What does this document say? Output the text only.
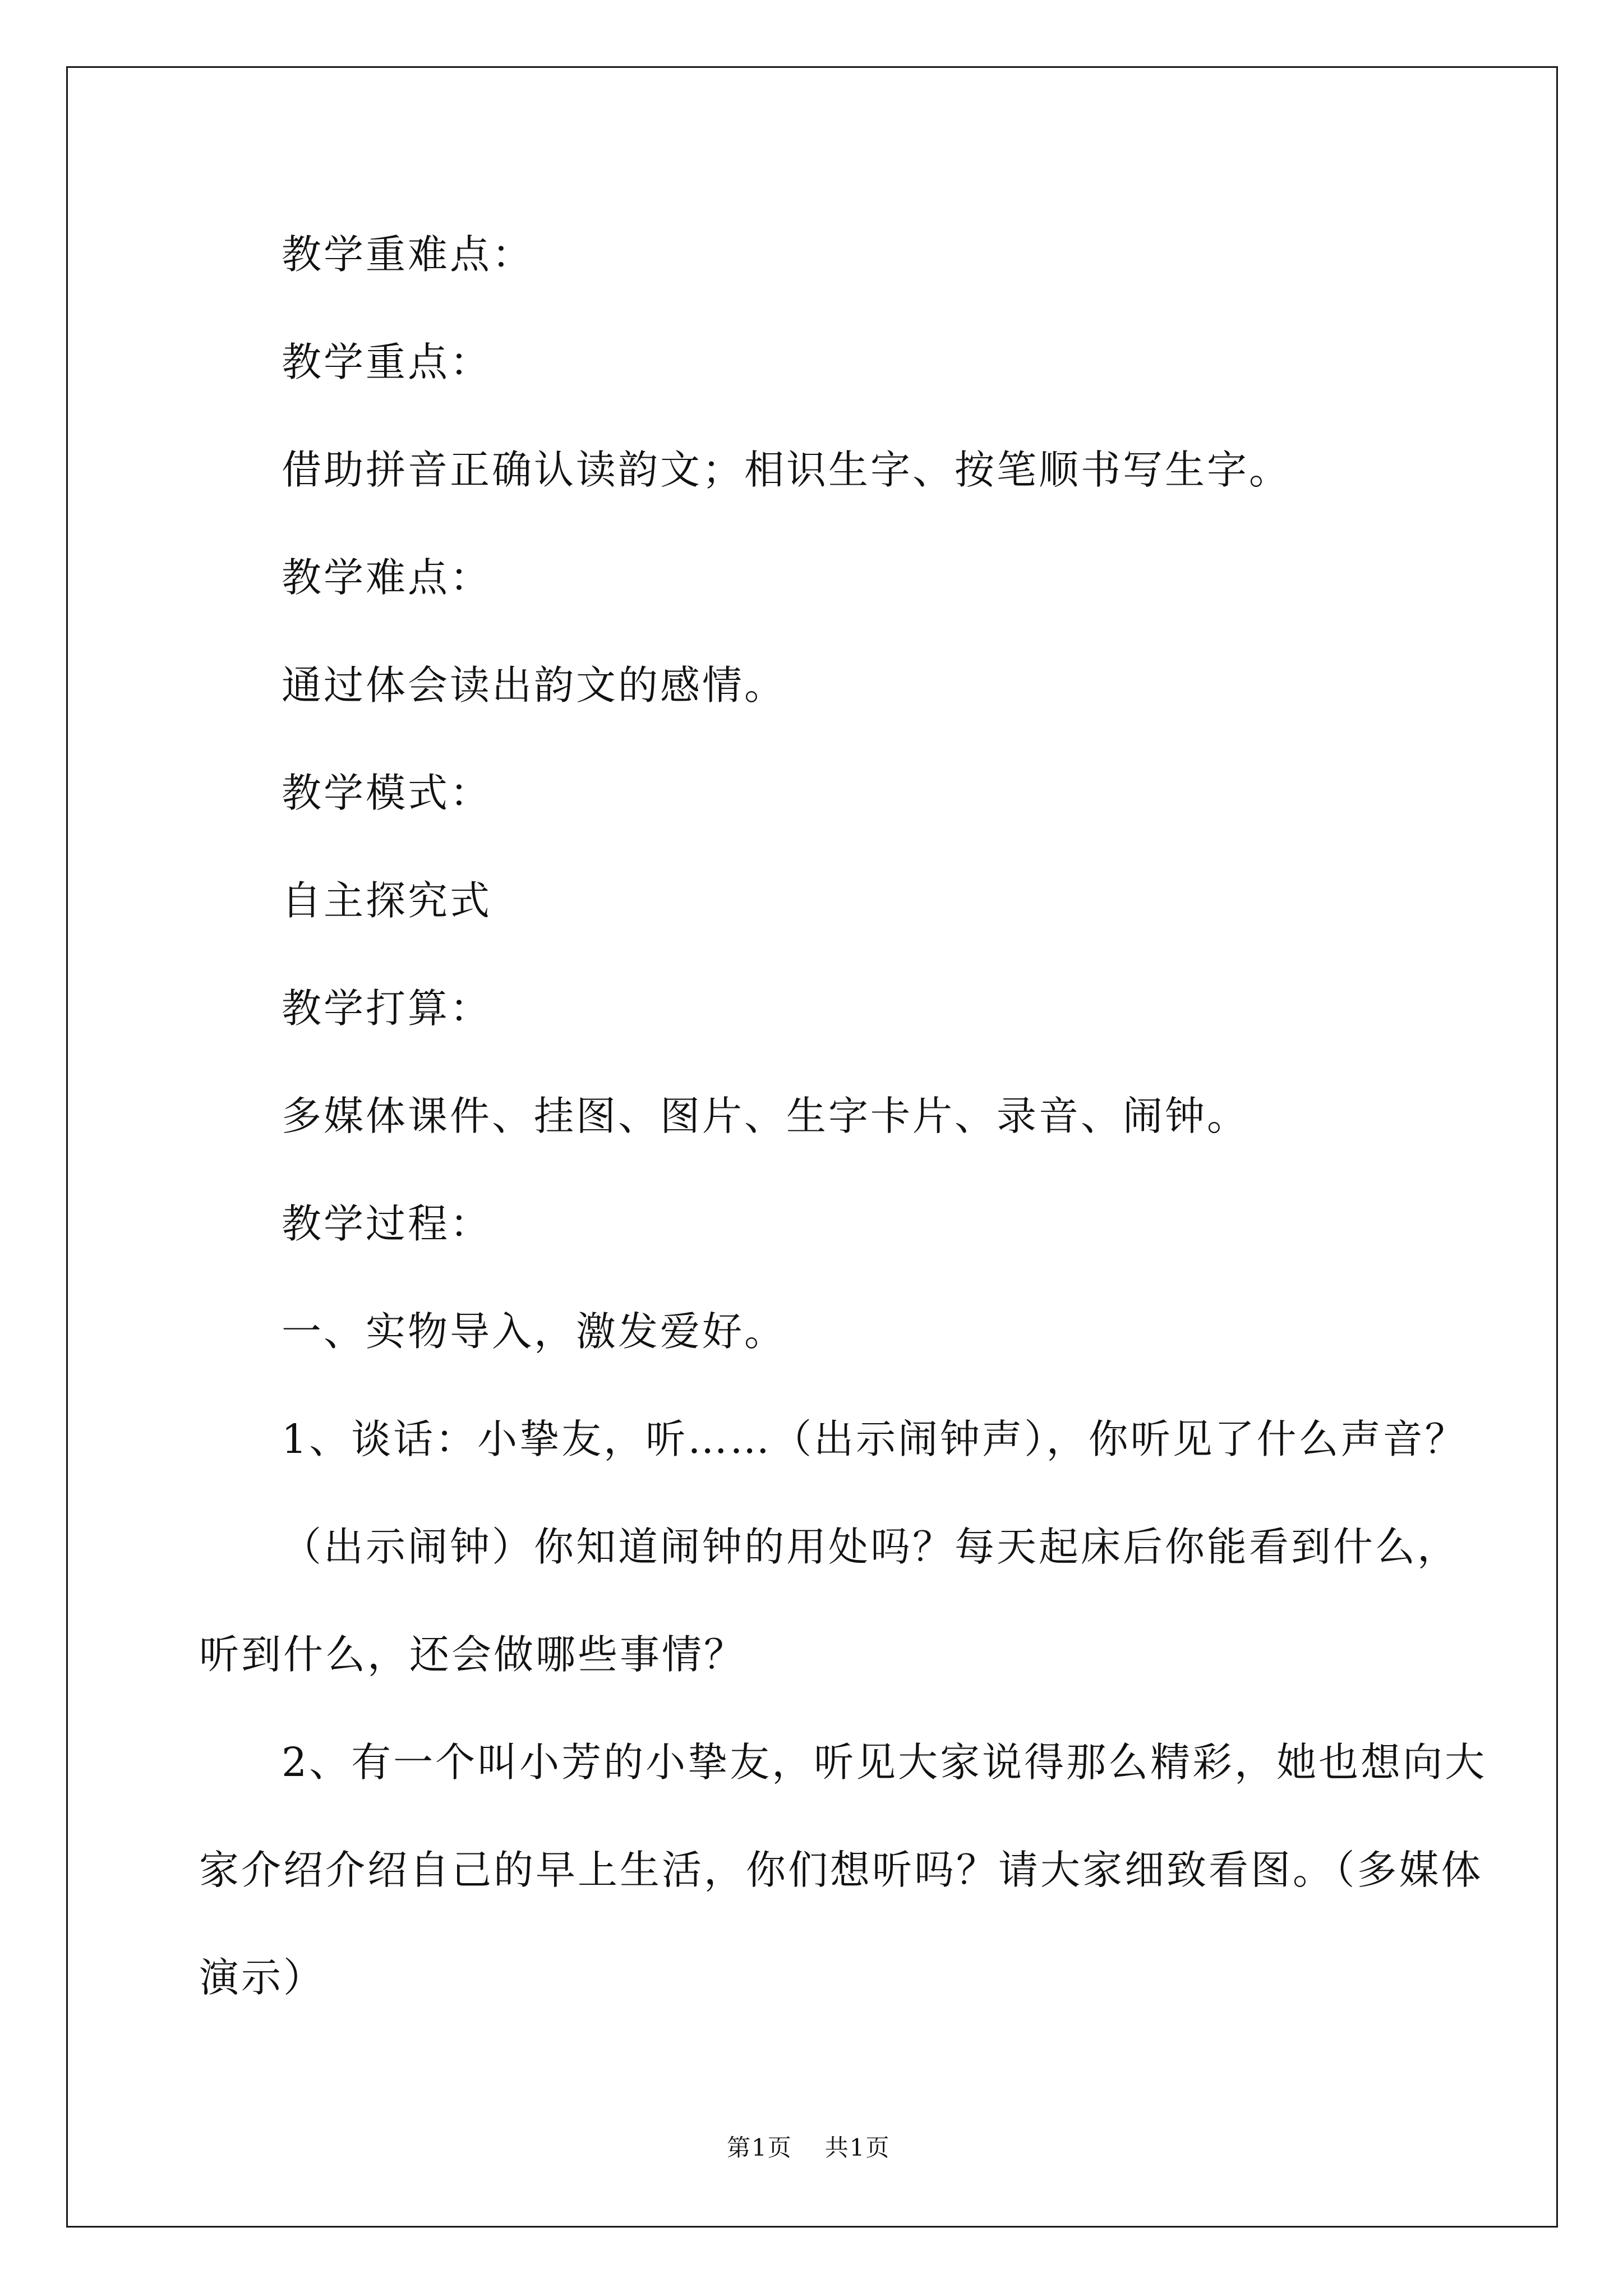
教学重难点：
教学重点：
借助拼音正确认读韵文；相识生字、按笔顺书写生字。
教学难点：
通过体会读出韵文的感情。
教学模式：
自主探究式
教学打算：
多媒体课件、挂图、图片、生字卡片、录音、闹钟。
教学过程：
一、实物导入，激发爱好。
1、谈话：小挚友，听……（出示闹钟声），你听见了什么声音？
（出示闹钟）你知道闹钟的用处吗？每天起床后你能看到什么，
听到什么，还会做哪些事情？
2、有一个叫小芳的小挚友，听见大家说得那么精彩，她也想向大
家介绍介绍自己的早上生活，你们想听吗？请大家细致看图。（多媒体
演示）
第1页 共1页
